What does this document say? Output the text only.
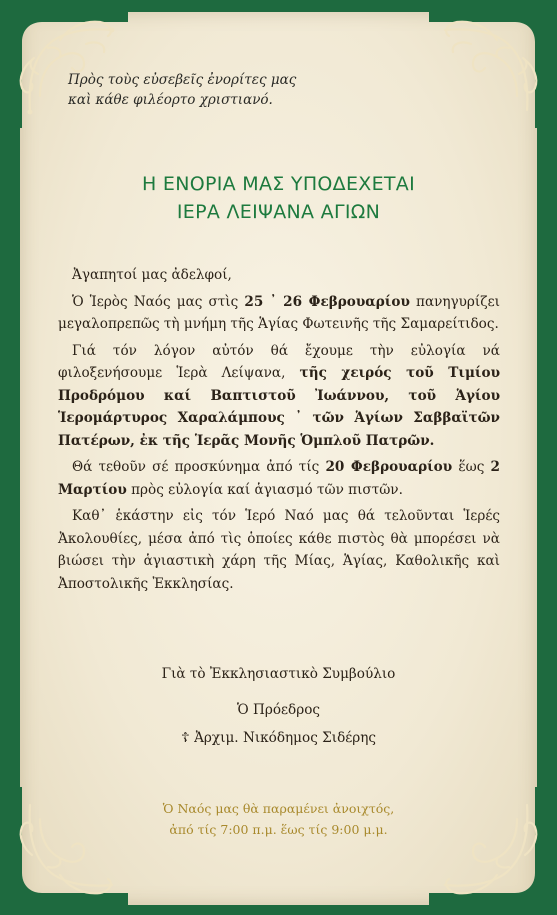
Πρὸς τοὺς εὐσεβεῖς ἐνορίτες μας
καὶ κάθε φιλέορτο χριστιανό.
Η ΕΝΟΡΙΑ ΜΑΣ ΥΠΟΔΕΧΕΤΑΙ
ΙΕΡΑ ΛΕΙΨΑΝΑ ΑΓΙΩΝ

Ἀγαπητοί μας ἀδελφοί,

Ὁ Ἱερὸς Ναός μας στὶς 25 ᾿ 26 Φεβρουαρίου πανηγυρίζει μεγαλοπρεπῶς τὴ μνήμη τῆς Ἁγίας Φωτεινῆς τῆς Σαμαρείτιδος.

Γιά τόν λόγον αὐτόν θά ἔχουμε τὴν εὐλογία νά φιλοξενήσουμε Ἱερὰ Λείψανα, τῆς χειρός τοῦ Τιμίου Προδρόμου καί Βαπτιστοῦ Ἰωάννου, τοῦ Ἁγίου Ἱερομάρτυρος Χαραλάμπους ᾿ τῶν Ἁγίων Σαββαϊτῶν Πατέρων, ἐκ τῆς Ἱερᾶς Μονῆς Ὁμπλοῦ Πατρῶν.

Θά τεθοῦν σέ προσκύνημα ἀπό τίς 20 Φεβρουαρίου ἕως 2 Μαρτίου πρὸς εὐλογία καί ἁγιασμό τῶν πιστῶν.

Καθ᾿ ἑκάστην εἰς τόν Ἱερό Ναό μας θά τελοῦνται Ἱερές Ἀκολουθίες, μέσα ἀπό τὶς ὁποίες κάθε πιστὸς θὰ μπορέσει νὰ βιώσει τὴν ἁγιαστικὴ χάρη τῆς Μίας, Ἁγίας, Καθολικῆς καὶ Ἀποστολικῆς Ἐκκλησίας.

Γιὰ τὸ Ἐκκλησιαστικὸ Συμβούλιο
Ὁ Πρόεδρος
☦ Ἀρχιμ. Νικόδημος Σιδέρης
Ὁ Ναός μας θὰ παραμένει ἀνοιχτός,
ἀπό τίς 7:00 π.μ. ἕως τίς 9:00 μ.μ.
